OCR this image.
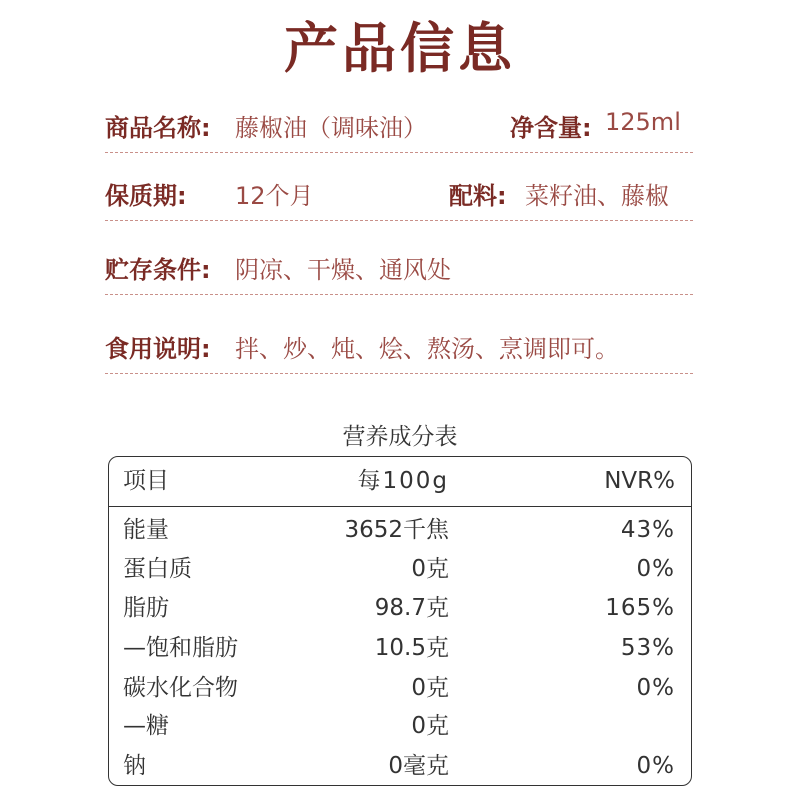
产品信息
商品名称: 藤椒油（调味油）	净含量: 125ml
保质期: 12个月	配料: 菜籽油、藤椒
贮存条件: 阴凉、干燥、通风处
食用说明: 拌、炒、炖、烩、熬汤、烹调即可。
营养成分表
项目	每100g	NVR%
能量	3652千焦	43%
蛋白质	0克	0%
脂肪	98.7克	165%
—饱和脂肪	10.5克	53%
碳水化合物	0克	0%
—糖	0克
钠	0毫克	0%
